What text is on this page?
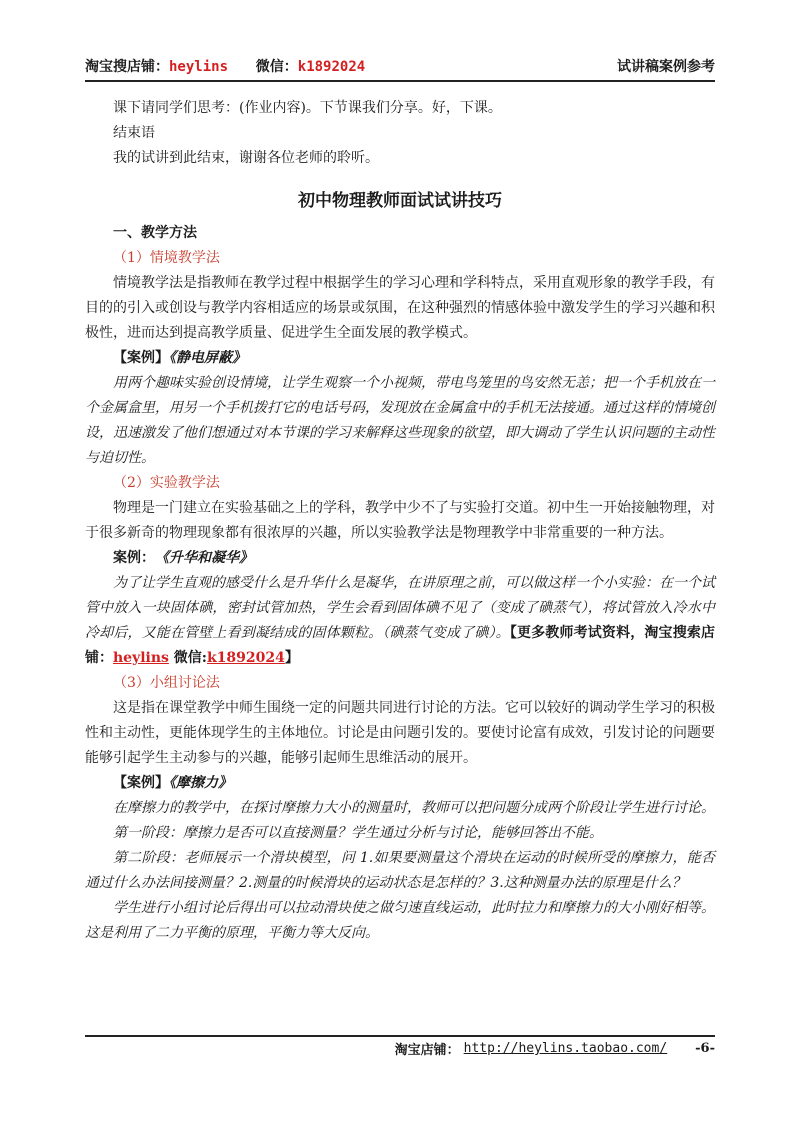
淘宝搜店铺：heylins 微信：k1892024	试讲稿案例参考

课下请同学们思考：(作业内容)。下节课我们分享。好，下课。

结束语

我的试讲到此结束，谢谢各位老师的聆听。

初中物理教师面试试讲技巧

一、教学方法

（1）情境教学法

情境教学法是指教师在教学过程中根据学生的学习心理和学科特点，采用直观形象的教学手段，有目的的引入或创设与教学内容相适应的场景或氛围，在这种强烈的情感体验中激发学生的学习兴趣和积极性，进而达到提高教学质量、促进学生全面发展的教学模式。

【案例】《静电屏蔽》

用两个趣味实验创设情境，让学生观察一个小视频，带电鸟笼里的鸟安然无恙；把一个手机放在一个金属盒里，用另一个手机拨打它的电话号码，发现放在金属盒中的手机无法接通。通过这样的情境创设，迅速激发了他们想通过对本节课的学习来解释这些现象的欲望，即大调动了学生认识问题的主动性与迫切性。

（2）实验教学法

物理是一门建立在实验基础之上的学科，教学中少不了与实验打交道。初中生一开始接触物理，对于很多新奇的物理现象都有很浓厚的兴趣，所以实验教学法是物理教学中非常重要的一种方法。

案例：《升华和凝华》

为了让学生直观的感受什么是升华什么是凝华，在讲原理之前，可以做这样一个小实验：在一个试管中放入一块固体碘，密封试管加热，学生会看到固体碘不见了（变成了碘蒸气），将试管放入冷水中冷却后，又能在管壁上看到凝结成的固体颗粒。（碘蒸气变成了碘）。【更多教师考试资料，淘宝搜索店铺：heylins 微信:k1892024】

（3）小组讨论法

这是指在课堂教学中师生围绕一定的问题共同进行讨论的方法。它可以较好的调动学生学习的积极性和主动性，更能体现学生的主体地位。讨论是由问题引发的。要使讨论富有成效，引发讨论的问题要能够引起学生主动参与的兴趣，能够引起师生思维活动的展开。

【案例】《摩擦力》

在摩擦力的教学中，在探讨摩擦力大小的测量时，教师可以把问题分成两个阶段让学生进行讨论。

第一阶段：摩擦力是否可以直接测量？学生通过分析与讨论，能够回答出不能。

第二阶段：老师展示一个滑块模型，问 1.如果要测量这个滑块在运动的时候所受的摩擦力，能否通过什么办法间接测量？2.测量的时候滑块的运动状态是怎样的？3.这种测量办法的原理是什么？

学生进行小组讨论后得出可以拉动滑块使之做匀速直线运动，此时拉力和摩擦力的大小刚好相等。这是利用了二力平衡的原理，平衡力等大反向。

淘宝店铺： http://heylins.taobao.com/ -6-
